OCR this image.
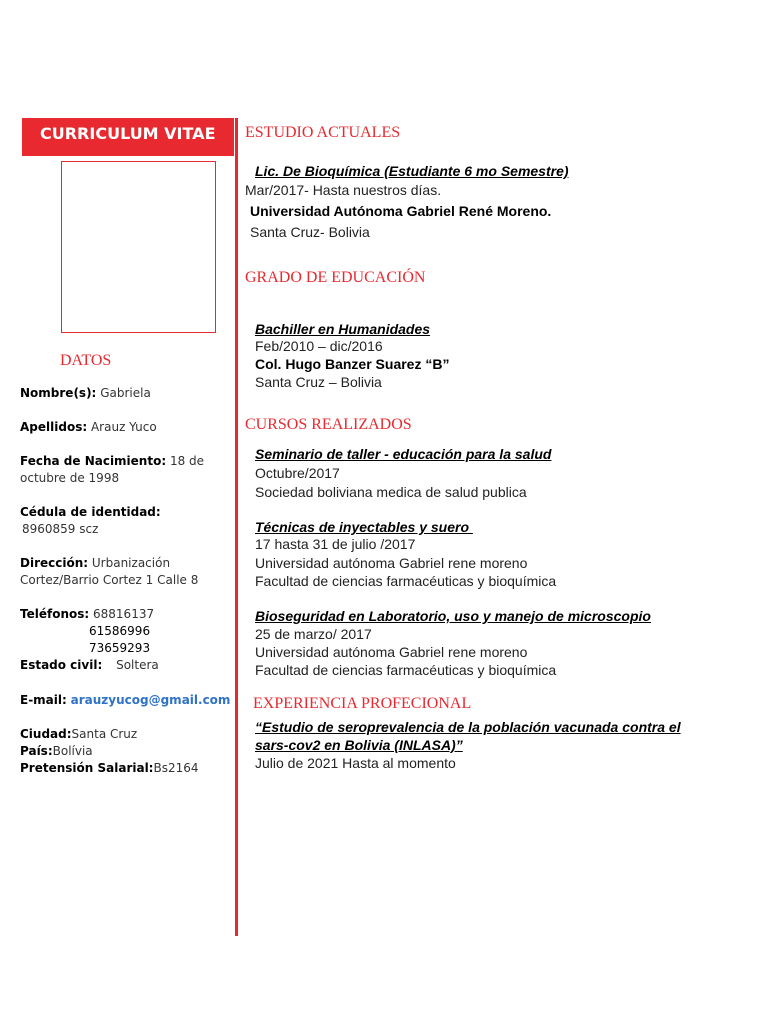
CURRICULUM VITAE
DATOS
Nombre(s): Gabriela
Apellidos: Arauz Yuco
Fecha de Nacimiento: 18 de
octubre de 1998
Cédula de identidad:
8960859 scz
Dirección: Urbanización
Cortez/Barrio Cortez 1 Calle 8
Teléfonos: 68816137
61586996
73659293
Estado civil: Soltera
E-mail: arauzyucog@gmail.com
Ciudad:Santa Cruz
País:Bolívia
Pretensión Salarial:Bs2164
ESTUDIO ACTUALES
Lic. De Bioquímica (Estudiante 6 mo Semestre)
Mar/2017- Hasta nuestros días.
Universidad Autónoma Gabriel René Moreno.
Santa Cruz- Bolivia
GRADO DE EDUCACIÓN
Bachiller en Humanidades
Feb/2010 – dic/2016
Col. Hugo Banzer Suarez “B”
Santa Cruz – Bolivia
CURSOS REALIZADOS
Seminario de taller - educación para la salud
Octubre/2017
Sociedad boliviana medica de salud publica
Técnicas de inyectables y suero
17 hasta 31 de julio /2017
Universidad autónoma Gabriel rene moreno
Facultad de ciencias farmacéuticas y bioquímica
Bioseguridad en Laboratorio, uso y manejo de microscopio
25 de marzo/ 2017
Universidad autónoma Gabriel rene moreno
Facultad de ciencias farmacéuticas y bioquímica
EXPERIENCIA PROFECIONAL
“Estudio de seroprevalencia de la población vacunada contra el
sars-cov2 en Bolivia (INLASA)”
Julio de 2021 Hasta al momento
